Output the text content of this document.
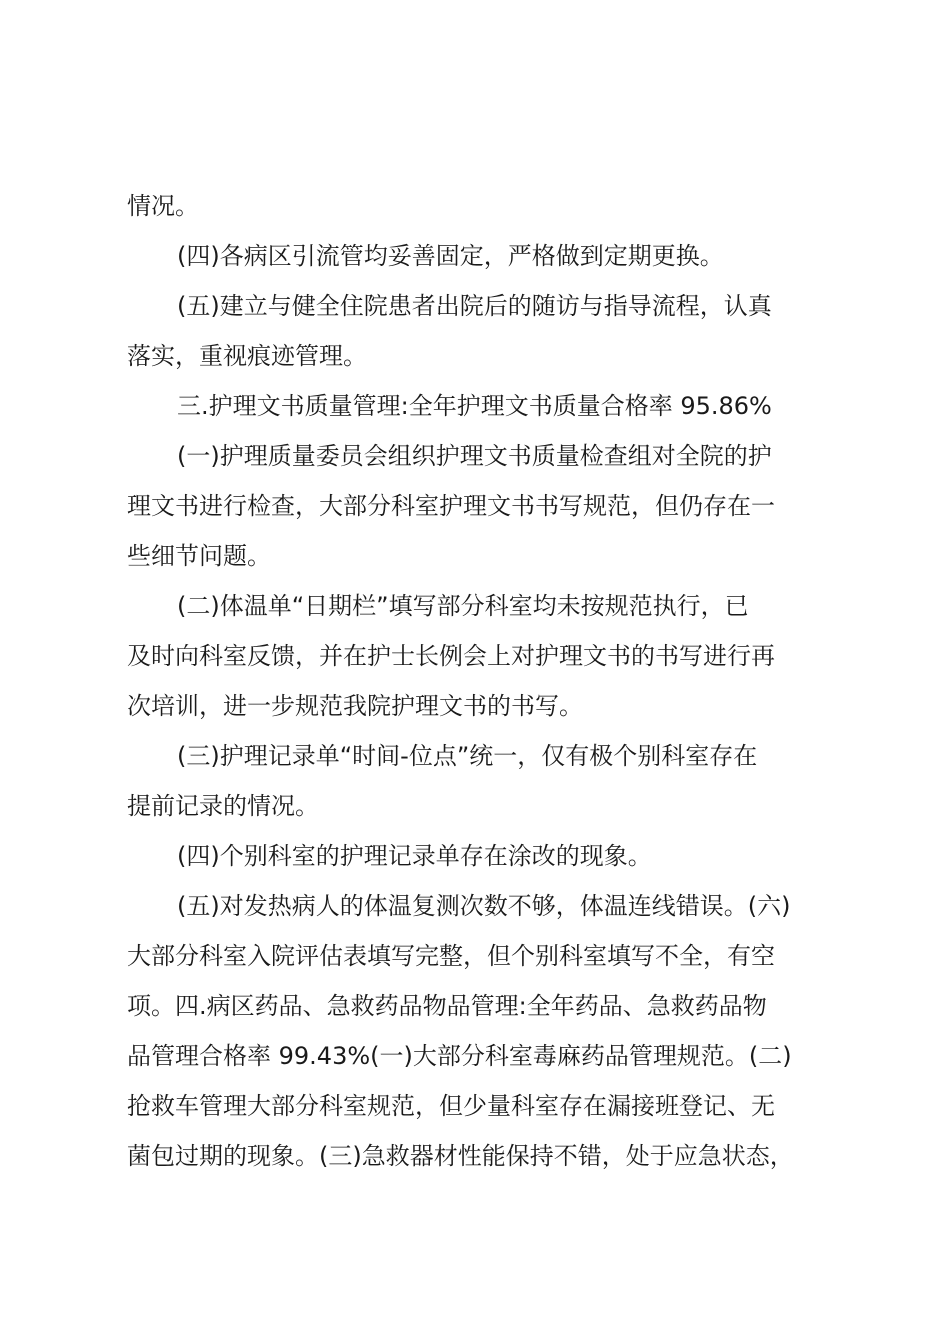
情况。
(四)各病区引流管均妥善固定，严格做到定期更换。
(五)建立与健全住院患者出院后的随访与指导流程，认真
落实，重视痕迹管理。
三.护理文书质量管理:全年护理文书质量合格率 95.86%
(一)护理质量委员会组织护理文书质量检查组对全院的护
理文书进行检查，大部分科室护理文书书写规范，但仍存在一
些细节问题。
(二)体温单“日期栏”填写部分科室均未按规范执行，已
及时向科室反馈，并在护士长例会上对护理文书的书写进行再
次培训，进一步规范我院护理文书的书写。
(三)护理记录单“时间-位点”统一，仅有极个别科室存在
提前记录的情况。
(四)个别科室的护理记录单存在涂改的现象。
(五)对发热病人的体温复测次数不够，体温连线错误。(六)
大部分科室入院评估表填写完整，但个别科室填写不全，有空
项。四.病区药品、急救药品物品管理:全年药品、急救药品物
品管理合格率 99.43%(一)大部分科室毒麻药品管理规范。(二)
抢救车管理大部分科室规范，但少量科室存在漏接班登记、无
菌包过期的现象。(三)急救器材性能保持不错，处于应急状态，
